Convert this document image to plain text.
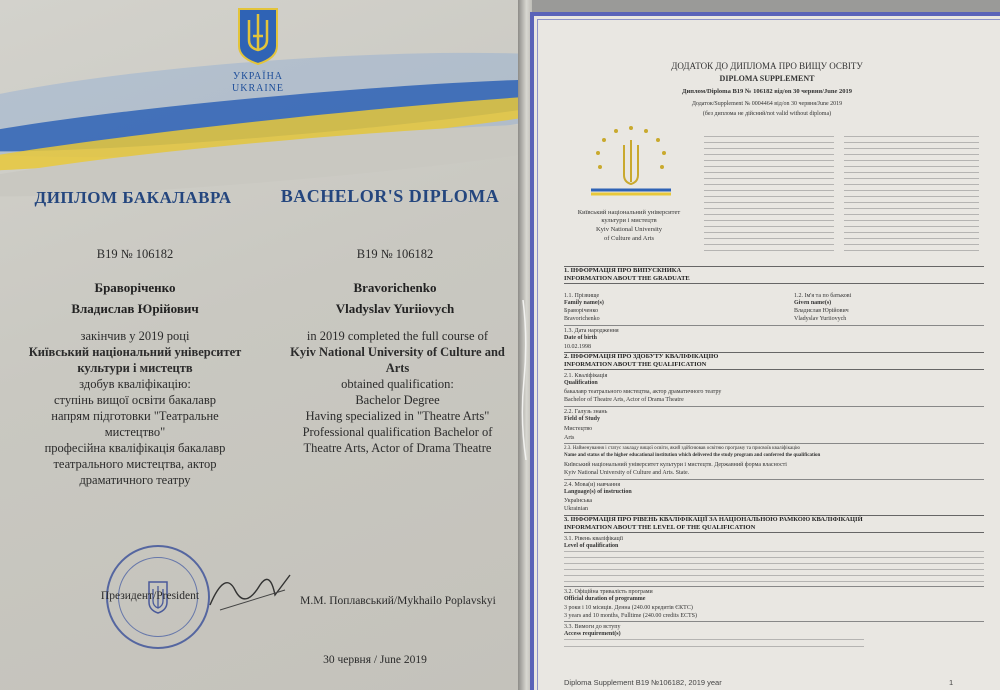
УКРАЇНА
UKRAINE
ДИПЛОМ БАКАЛАВРА	BACHELOR'S DIPLOMA
B19 № 106182	B19 № 106182
Браворіченко
Владислав Юрійович
Bravorichenko
Vladyslav Yuriiovych
закінчив у 2019 році
Київський національний університет
культури і мистецтв
здобув кваліфікацію:
ступінь вищої освіти бакалавр
напрям підготовки "Театральне
мистецтво"
професійна кваліфікація бакалавр
театрального мистецтва, актор
драматичного театру
in 2019 completed the full course of
Kyiv National University of Culture and
Arts
obtained qualification:
Bachelor Degree
Having specialized in "Theatre Arts"
Professional qualification Bachelor of
Theatre Arts, Actor of Drama Theatre
Президент/President	М.М. Поплавський/Mykhailo Poplavskyi
30 червня / June 2019
ДОДАТОК ДО ДИПЛОМА ПРО ВИЩУ ОСВІТУ
DIPLOMA SUPPLEMENT
Диплом/Diploma B19 № 106182 від/on 30 червня/June 2019
Додаток/Supplement № 0004464 від/on 30 червня/June 2019
(без диплома не дійсний/not valid without diploma)
Київський національний університет
культури і мистецтв
Kyiv National University
of Culture and Arts
1. ІНФОРМАЦІЯ ПРО ВИПУСКНИКА
INFORMATION ABOUT THE GRADUATE
1.1. Прізвище
Family name(s)
Браворіченко
Bravorichenko
1.2. Ім'я та по батькові
Given name(s)
Владислав Юрійович
Vladyslav Yuriiovych
1.3. Дата народження
Date of birth
10.02.1998
2. ІНФОРМАЦІЯ ПРО ЗДОБУТУ КВАЛІФІКАЦІЮ
INFORMATION ABOUT THE QUALIFICATION
2.1. Кваліфікація
Qualification
бакалавр театрального мистецтва, актор драматичного театру
Bachelor of Theatre Arts, Actor of Drama Theatre
2.2. Галузь знань
Field of Study
Мистецтво
Arts
2.3. Найменування і статус закладу вищої освіти, який здійснював освітню програму та присвоїв кваліфікацію
Name and status of the higher educational institution which delivered the study program and conferred the qualification
Київський національний університет культури і мистецтв. Державний форма власності
Kyiv National University of Culture and Arts. State.
2.4. Мова(и) навчання
Language(s) of instruction
Українська
Ukrainian
3. ІНФОРМАЦІЯ ПРО РІВЕНЬ КВАЛІФІКАЦІЇ ЗА НАЦІОНАЛЬНОЮ РАМКОЮ КВАЛІФІКАЦІЙ
INFORMATION ABOUT THE LEVEL OF THE QUALIFICATION
3.1. Рівень кваліфікації
Level of qualification
3.2. Офіційна тривалість програми
Official duration of programme
3 роки і 10 місяців. Денна (240.00 кредитів ЄКТС)
3 years and 10 months, Fulltime (240.00 credits ECTS)
3.3. Вимоги до вступу
Access requirement(s)
Diploma Supplement B19 №106182, 2019 year	1
